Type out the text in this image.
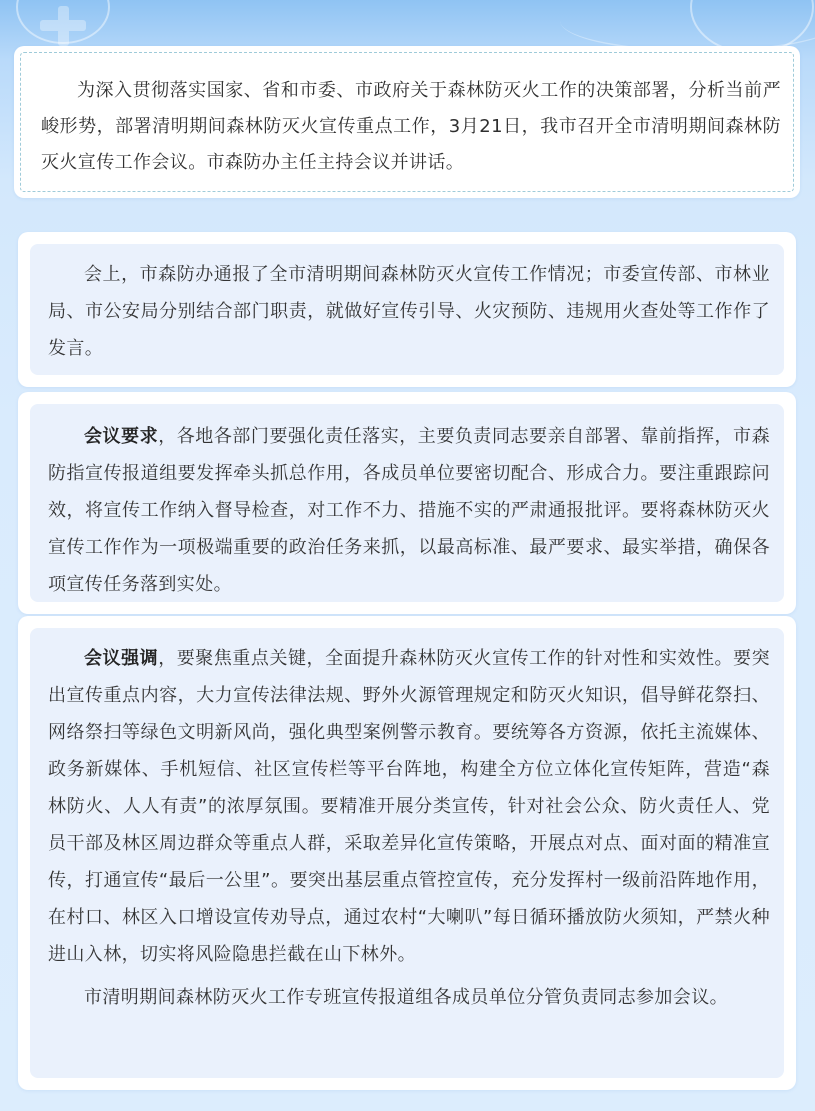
为深入贯彻落实国家、省和市委、市政府关于森林防灭火工作的决策部署，分析当前严峻形势，部署清明期间森林防灭火宣传重点工作，3月21日，我市召开全市清明期间森林防灭火宣传工作会议。市森防办主任主持会议并讲话。

会上，市森防办通报了全市清明期间森林防灭火宣传工作情况；市委宣传部、市林业局、市公安局分别结合部门职责，就做好宣传引导、火灾预防、违规用火查处等工作作了发言。

会议要求，各地各部门要强化责任落实，主要负责同志要亲自部署、靠前指挥，市森防指宣传报道组要发挥牵头抓总作用，各成员单位要密切配合、形成合力。要注重跟踪问效，将宣传工作纳入督导检查，对工作不力、措施不实的严肃通报批评。要将森林防灭火宣传工作作为一项极端重要的政治任务来抓，以最高标准、最严要求、最实举措，确保各项宣传任务落到实处。

会议强调，要聚焦重点关键，全面提升森林防灭火宣传工作的针对性和实效性。要突出宣传重点内容，大力宣传法律法规、野外火源管理规定和防灭火知识，倡导鲜花祭扫、网络祭扫等绿色文明新风尚，强化典型案例警示教育。要统筹各方资源，依托主流媒体、政务新媒体、手机短信、社区宣传栏等平台阵地，构建全方位立体化宣传矩阵，营造“森林防火、人人有责”的浓厚氛围。要精准开展分类宣传，针对社会公众、防火责任人、党员干部及林区周边群众等重点人群，采取差异化宣传策略，开展点对点、面对面的精准宣传，打通宣传“最后一公里”。要突出基层重点管控宣传，充分发挥村一级前沿阵地作用，在村口、林区入口增设宣传劝导点，通过农村“大喇叭”每日循环播放防火须知，严禁火种进山入林，切实将风险隐患拦截在山下林外。

市清明期间森林防灭火工作专班宣传报道组各成员单位分管负责同志参加会议。
